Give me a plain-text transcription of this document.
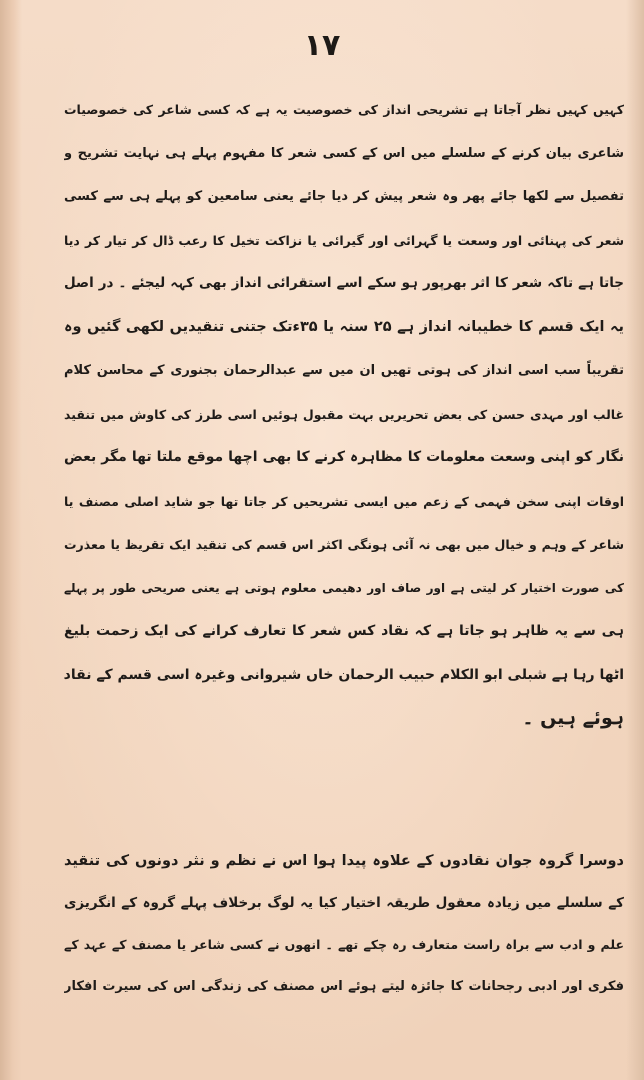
۱۷
کہیں کہیں نظر آجاتا ہے تشریحی انداز کی خصوصیت یہ ہے کہ کسی شاعر کی خصوصیات
شاعری بیان کرنے کے سلسلے میں اس کے کسی شعر کا مفہوم پہلے ہی نہایت تشریح و
تفصیل سے لکھا جائے پھر وہ شعر پیش کر دیا جائے یعنی سامعین کو پہلے ہی سے کسی
شعر کی پہنائی اور وسعت یا گہرائی اور گیرائی یا نزاکت تخیل کا رعب ڈال کر تیار کر دیا
جاتا ہے تاکہ شعر کا اثر بھرپور ہو سکے اسے استقرائی انداز بھی کہہ لیجئے ۔ در اصل
یہ ایک قسم کا خطیبانہ انداز ہے ۲۵ سنہ یا ۳۵ءتک جتنی تنقیدیں لکھی گئیں وہ
تقریباً سب اسی انداز کی ہوتی تھیں ان میں سے عبدالرحمان بجنوری کے محاسن کلام
غالب اور مہدی حسن کی بعض تحریریں بہت مقبول ہوئیں اسی طرز کی کاوش میں تنقید
نگار کو اپنی وسعت معلومات کا مظاہرہ کرنے کا بھی اچھا موقع ملتا تھا مگر بعض
اوقات اپنی سخن فہمی کے زعم میں ایسی تشریحیں کر جاتا تھا جو شاید اصلی مصنف یا
شاعر کے وہم و خیال میں بھی نہ آئی ہونگی اکثر اس قسم کی تنقید ایک تقریظ یا معذرت
کی صورت اختیار کر لیتی ہے اور صاف اور دھیمی معلوم ہوتی ہے یعنی صریحی طور پر پہلے
ہی سے یہ ظاہر ہو جاتا ہے کہ نقاد کس شعر کا تعارف کرانے کی ایک زحمت بلیغ
اٹھا رہا ہے شبلی ابو الکلام حبیب الرحمان خاں شیروانی وغیرہ اسی قسم کے نقاد
ہوئے ہیں ۔
دوسرا گروہ جوان نقادوں کے علاوہ پیدا ہوا اس نے نظم و نثر دونوں کی تنقید
کے سلسلے میں زیادہ معقول طریقہ اختیار کیا یہ لوگ برخلاف پہلے گروہ کے انگریزی
علم و ادب سے براہ راست متعارف رہ چکے تھے ۔ انھوں نے کسی شاعر یا مصنف کے عہد کے
فکری اور ادبی رجحانات کا جائزہ لیتے ہوئے اس مصنف کی زندگی اس کی سیرت افکار
